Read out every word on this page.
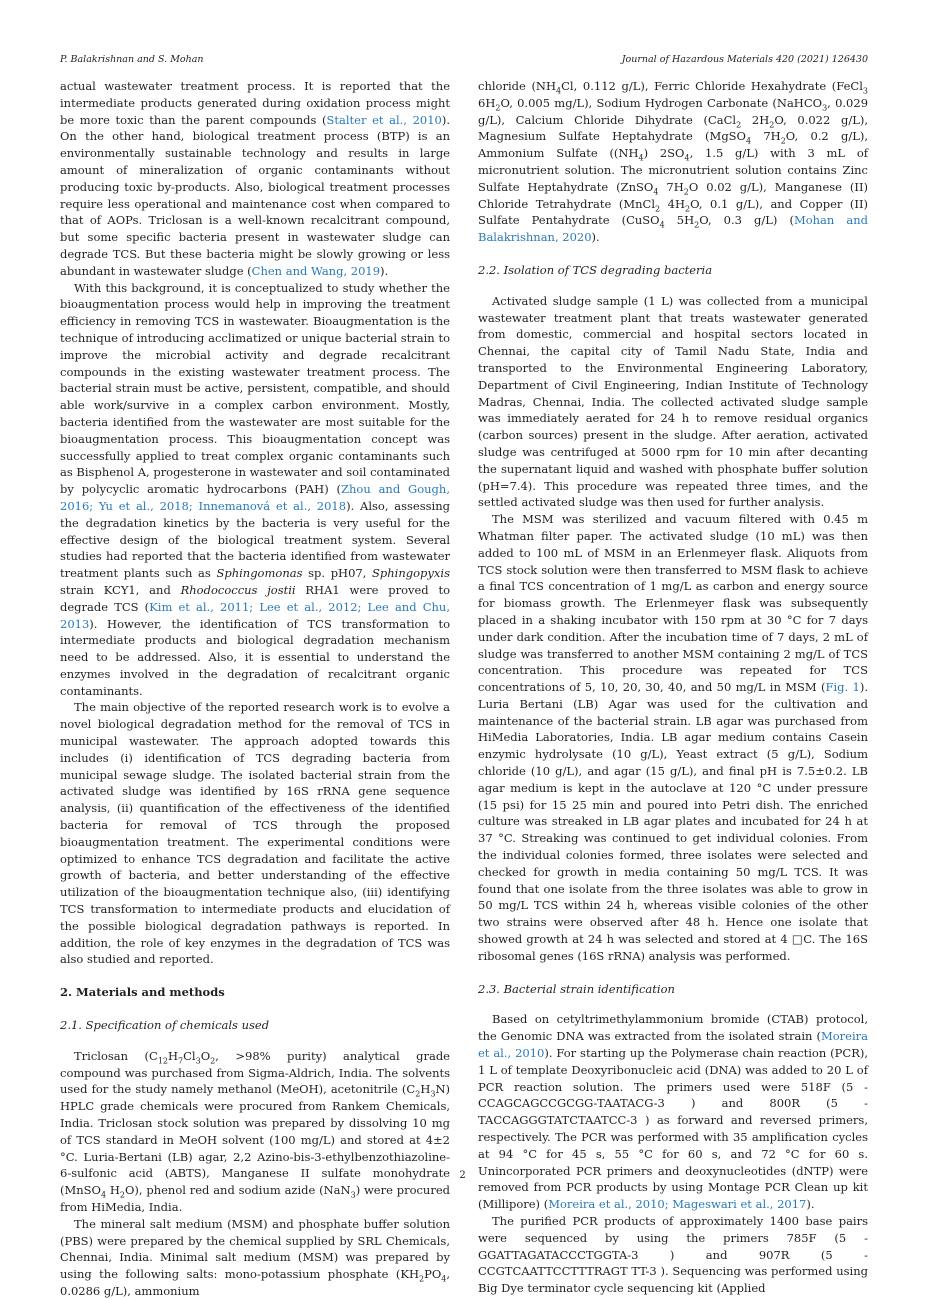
P. Balakrishnan and S. Mohan	Journal of Hazardous Materials 420 (2021) 126430

actual wastewater treatment process. It is reported that the intermediate products generated during oxidation process might be more toxic than the parent compounds (Stalter et al., 2010). On the other hand, biological treatment process (BTP) is an environmentally sustainable technology and results in large amount of mineralization of organic contaminants without producing toxic by-products. Also, biological treatment processes require less operational and maintenance cost when compared to that of AOPs. Triclosan is a well-known recalcitrant compound, but some specific bacteria present in wastewater sludge can degrade TCS. But these bacteria might be slowly growing or less abundant in wastewater sludge (Chen and Wang, 2019).

With this background, it is conceptualized to study whether the bioaugmentation process would help in improving the treatment efficiency in removing TCS in wastewater. Bioaugmentation is the technique of introducing acclimatized or unique bacterial strain to improve the microbial activity and degrade recalcitrant compounds in the existing wastewater treatment process. The bacterial strain must be active, persistent, compatible, and should able work/survive in a complex carbon environment. Mostly, bacteria identified from the wastewater are most suitable for the bioaugmentation process. This bioaugmentation concept was successfully applied to treat complex organic contaminants such as Bisphenol A, progesterone in wastewater and soil contaminated by polycyclic aromatic hydrocarbons (PAH) (Zhou and Gough, 2016; Yu et al., 2018; Innemanová et al., 2018). Also, assessing the degradation kinetics by the bacteria is very useful for the effective design of the biological treatment system. Several studies had reported that the bacteria identified from wastewater treatment plants such as Sphingomonas sp. pH07, Sphingopyxis strain KCY1, and Rhodococcus jostii RHA1 were proved to degrade TCS (Kim et al., 2011; Lee et al., 2012; Lee and Chu, 2013). However, the identification of TCS transformation to intermediate products and biological degradation mechanism need to be addressed. Also, it is essential to understand the enzymes involved in the degradation of recalcitrant organic contaminants.

The main objective of the reported research work is to evolve a novel biological degradation method for the removal of TCS in municipal wastewater. The approach adopted towards this includes (i) identification of TCS degrading bacteria from municipal sewage sludge. The isolated bacterial strain from the activated sludge was identified by 16S rRNA gene sequence analysis, (ii) quantification of the effectiveness of the identified bacteria for removal of TCS through the proposed bioaugmentation treatment. The experimental conditions were optimized to enhance TCS degradation and facilitate the active growth of bacteria, and better understanding of the effective utilization of the bioaugmentation technique also, (iii) identifying TCS transformation to intermediate products and elucidation of the possible biological degradation pathways is reported. In addition, the role of key enzymes in the degradation of TCS was also studied and reported.

2. Materials and methods
2.1. Specification of chemicals used

Triclosan ($C_{12}H_7Cl_3O_2$, >98% purity) analytical grade compound was purchased from Sigma-Aldrich, India. The solvents used for the study namely methanol (MeOH), acetonitrile $(C_2H_3N)$ HPLC grade chemicals were procured from Rankem Chemicals, India. Triclosan stock solution was prepared by dissolving 10 mg of TCS standard in MeOH solvent (100 mg/L) and stored at 4±2 °C. Luria-Bertani (LB) agar, 2,2 Azino-bis-3-ethylbenzothiazoline-6-sulfonic acid (ABTS), Manganese II sulfate monohydrate (MnSO$_4$ $H_2O$), phenol red and sodium azide (NaN$_3$) were procured from HiMedia, India.

The mineral salt medium (MSM) and phosphate buffer solution (PBS) were prepared by the chemical supplied by SRL Chemicals, Chennai, India. Minimal salt medium (MSM) was prepared by using the following salts: mono-potassium phosphate ($KH_2PO_4$, 0.0286 g/L), ammonium

chloride ($NH_4Cl$, 0.112 g/L), Ferric Chloride Hexahydrate (FeCl$_3$ $6H_2O$, 0.005 mg/L), Sodium Hydrogen Carbonate (NaHCO$_3$, 0.029 g/L), Calcium Chloride Dihydrate (CaCl$_2$ $2H_2O$, 0.022 g/L), Magnesium Sulfate Heptahydrate (MgSO$_4$ $7H_2O$, 0.2 g/L), Ammonium Sulfate ($(NH_4)$ $2SO_4$, 1.5 g/L) with 3 mL of micronutrient solution. The micronutrient solution contains Zinc Sulfate Heptahydrate (ZnSO$_4$ $7H_2O$ 0.02 g/L), Manganese (II) Chloride Tetrahydrate (MnCl$_2$ $4H_2O$, 0.1 g/L), and Copper (II) Sulfate Pentahydrate (CuSO$_4$ $5H_2O$, 0.3 g/L) (Mohan and Balakrishnan, 2020).

2.2. Isolation of TCS degrading bacteria

Activated sludge sample (1 L) was collected from a municipal wastewater treatment plant that treats wastewater generated from domestic, commercial and hospital sectors located in Chennai, the capital city of Tamil Nadu State, India and transported to the Environmental Engineering Laboratory, Department of Civil Engineering, Indian Institute of Technology Madras, Chennai, India. The collected activated sludge sample was immediately aerated for 24 h to remove residual organics (carbon sources) present in the sludge. After aeration, activated sludge was centrifuged at 5000 rpm for 10 min after decanting the supernatant liquid and washed with phosphate buffer solution (pH=7.4). This procedure was repeated three times, and the settled activated sludge was then used for further analysis.

The MSM was sterilized and vacuum filtered with 0.45 m Whatman filter paper. The activated sludge (10 mL) was then added to 100 mL of MSM in an Erlenmeyer flask. Aliquots from TCS stock solution were then transferred to MSM flask to achieve a final TCS concentration of 1 mg/L as carbon and energy source for biomass growth. The Erlenmeyer flask was subsequently placed in a shaking incubator with 150 rpm at 30 °C for 7 days under dark condition. After the incubation time of 7 days, 2 mL of sludge was transferred to another MSM containing 2 mg/L of TCS concentration. This procedure was repeated for TCS concentrations of 5, 10, 20, 30, 40, and 50 mg/L in MSM (Fig. 1). Luria Bertani (LB) Agar was used for the cultivation and maintenance of the bacterial strain. LB agar was purchased from HiMedia Laboratories, India. LB agar medium contains Casein enzymic hydrolysate (10 g/L), Yeast extract (5 g/L), Sodium chloride (10 g/L), and agar (15 g/L), and final pH is 7.5±0.2. LB agar medium is kept in the autoclave at 120 °C under pressure (15 psi) for 15 25 min and poured into Petri dish. The enriched culture was streaked in LB agar plates and incubated for 24 h at 37 °C. Streaking was continued to get individual colonies. From the individual colonies formed, three isolates were selected and checked for growth in media containing 50 mg/L TCS. It was found that one isolate from the three isolates was able to grow in 50 mg/L TCS within 24 h, whereas visible colonies of the other two strains were observed after 48 h. Hence one isolate that showed growth at 24 h was selected and stored at 4 □C. The 16S ribosomal genes (16S rRNA) analysis was performed.

2.3. Bacterial strain identification

Based on cetyltrimethylammonium bromide (CTAB) protocol, the Genomic DNA was extracted from the isolated strain (Moreira et al., 2010). For starting up the Polymerase chain reaction (PCR), 1 L of template Deoxyribonucleic acid (DNA) was added to 20 L of PCR reaction solution. The primers used were 518F (5 -CCAGCAGCCGCGG-TAATACG-3 ) and 800R (5 -TACCAGGGTATCTAATCC-3 ) as forward and reversed primers, respectively. The PCR was performed with 35 amplification cycles at 94 °C for 45 s, 55 °C for 60 s, and 72 °C for 60 s. Unincorporated PCR primers and deoxynucleotides (dNTP) were removed from PCR products by using Montage PCR Clean up kit (Millipore) (Moreira et al., 2010; Mageswari et al., 2017).

The purified PCR products of approximately 1400 base pairs were sequenced by using the primers 785F (5 -GGATTAGATACCCTGGTA-3 ) and 907R (5 -CCGTCAATTCCTTTRAGT TT-3 ). Sequencing was performed using Big Dye terminator cycle sequencing kit (Applied

2
